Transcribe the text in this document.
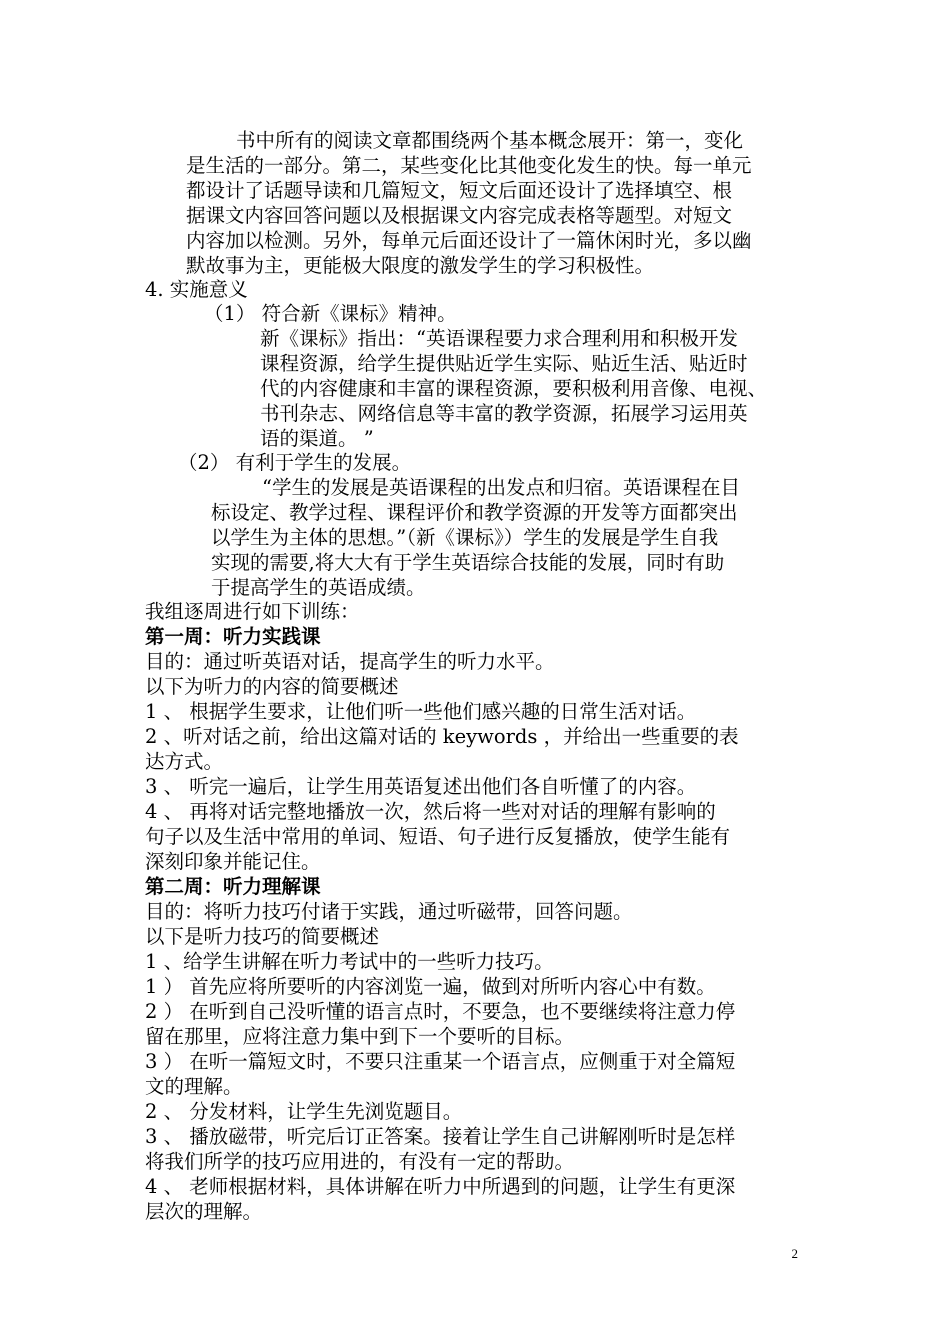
书中所有的阅读文章都围绕两个基本概念展开：第一，变化
是生活的一部分。第二，某些变化比其他变化发生的快。每一单元
都设计了话题导读和几篇短文，短文后面还设计了选择填空、根
据课文内容回答问题以及根据课文内容完成表格等题型。对短文
内容加以检测。另外，每单元后面还设计了一篇休闲时光，多以幽
默故事为主，更能极大限度的激发学生的学习积极性。
4. 实施意义
（1） 符合新《课标》精神。
新《课标》指出：“英语课程要力求合理利用和积极开发
课程资源，给学生提供贴近学生实际、贴近生活、贴近时
代的内容健康和丰富的课程资源，要积极利用音像、电视、
书刊杂志、网络信息等丰富的教学资源，拓展学习运用英
语的渠道。 ”
（2） 有利于学生的发展。
“学生的发展是英语课程的出发点和归宿。英语课程在目
标设定、教学过程、课程评价和教学资源的开发等方面都突出
以学生为主体的思想。”（新《课标》）学生的发展是学生自我
实现的需要,将大大有于学生英语综合技能的发展，同时有助
于提高学生的英语成绩。
我组逐周进行如下训练：
第一周：听力实践课
目的：通过听英语对话，提高学生的听力水平。
以下为听力的内容的简要概述
1 、 根据学生要求，让他们听一些他们感兴趣的日常生活对话。
2 、听对话之前，给出这篇对话的 keywords ，并给出一些重要的表
达方式。
3 、 听完一遍后，让学生用英语复述出他们各自听懂了的内容。
4 、 再将对话完整地播放一次，然后将一些对对话的理解有影响的
句子以及生活中常用的单词、短语、句子进行反复播放，使学生能有
深刻印象并能记住。
第二周：听力理解课
目的：将听力技巧付诸于实践，通过听磁带，回答问题。
以下是听力技巧的简要概述
1 、给学生讲解在听力考试中的一些听力技巧。
1 ） 首先应将所要听的内容浏览一遍，做到对所听内容心中有数。
2 ） 在听到自己没听懂的语言点时，不要急，也不要继续将注意力停
留在那里，应将注意力集中到下一个要听的目标。
3 ） 在听一篇短文时，不要只注重某一个语言点，应侧重于对全篇短
文的理解。
2 、 分发材料，让学生先浏览题目。
3 、 播放磁带，听完后订正答案。接着让学生自己讲解刚听时是怎样
将我们所学的技巧应用进的，有没有一定的帮助。
4 、 老师根据材料，具体讲解在听力中所遇到的问题，让学生有更深
层次的理解。
2
